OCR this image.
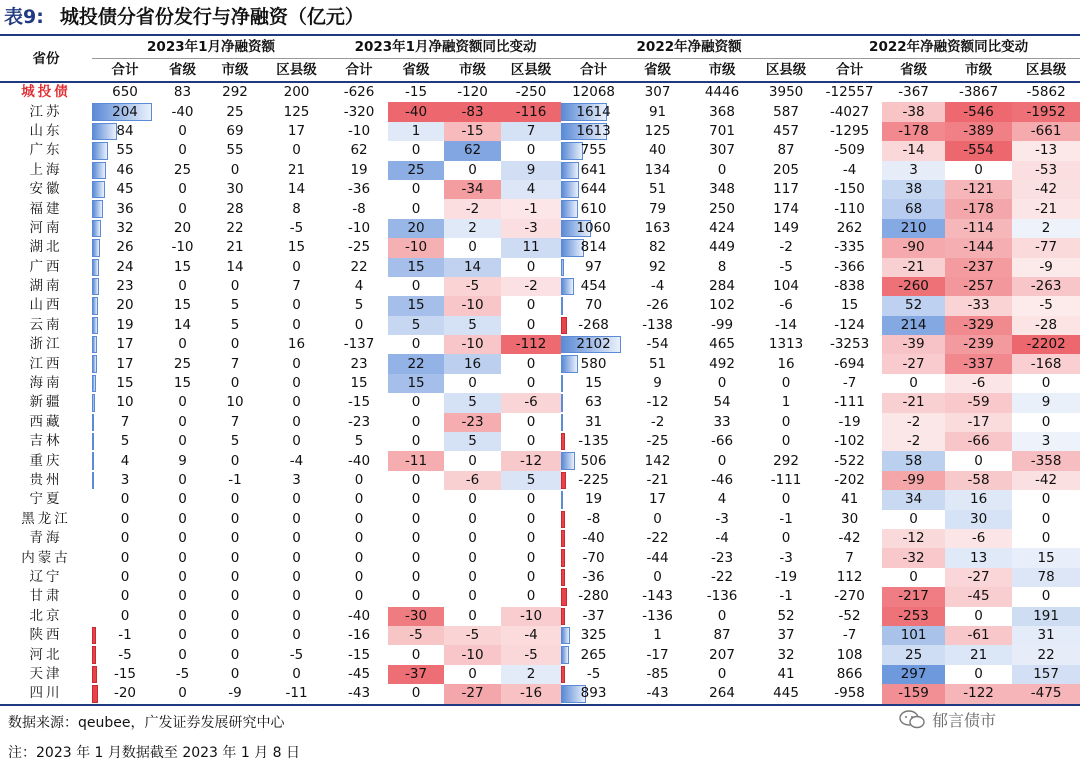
表9: 城投债分省份发行与净融资（亿元）
省份	2023年1月净融资额				2023年1月净融资额同比变动				2022年净融资额				2022年净融资额同比变动			
	合计	省级	市级	区县级	合计	省级	市级	区县级	合计	省级	市级	区县级	合计	省级	市级	区县级
城投债	650	83	292	200	-626	-15	-120	-250	12068	307	4446	3950	-12557	-367	-3867	-5862
江苏	204	-40	25	125	-320	-40	-83	-116	1614	91	368	587	-4027	-38	-546	-1952
山东	84	0	69	17	-10	1	-15	7	1613	125	701	457	-1295	-178	-389	-661
广东	55	0	55	0	62	0	62	0	755	40	307	87	-509	-14	-554	-13
上海	46	25	0	21	19	25	0	9	641	134	0	205	-4	3	0	-53
安徽	45	0	30	14	-36	0	-34	4	644	51	348	117	-150	38	-121	-42
福建	36	0	28	8	-8	0	-2	-1	610	79	250	174	-110	68	-178	-21
河南	32	20	22	-5	-10	20	2	-3	1060	163	424	149	262	210	-114	2
湖北	26	-10	21	15	-25	-10	0	11	814	82	449	-2	-335	-90	-144	-77
广西	24	15	14	0	22	15	14	0	97	92	8	-5	-366	-21	-237	-9
湖南	23	0	0	7	4	0	-5	-2	454	-4	284	104	-838	-260	-257	-263
山西	20	15	5	0	5	15	-10	0	70	-26	102	-6	15	52	-33	-5
云南	19	14	5	0	0	5	5	0	-268	-138	-99	-14	-124	214	-329	-28
浙江	17	0	0	16	-137	0	-10	-112	2102	-54	465	1313	-3253	-39	-239	-2202
江西	17	25	7	0	23	22	16	0	580	51	492	16	-694	-27	-337	-168
海南	15	15	0	0	15	15	0	0	15	9	0	0	-7	0	-6	0
新疆	10	0	10	0	-15	0	5	-6	63	-12	54	1	-111	-21	-59	9
西藏	7	0	7	0	-23	0	-23	0	31	-2	33	0	-19	-2	-17	0
吉林	5	0	5	0	5	0	5	0	-135	-25	-66	0	-102	-2	-66	3
重庆	4	9	0	-4	-40	-11	0	-12	506	142	0	292	-522	58	0	-358
贵州	3	0	-1	3	0	0	-6	5	-225	-21	-46	-111	-202	-99	-58	-42
宁夏	0	0	0	0	0	0	0	0	19	17	4	0	41	34	16	0
黑龙江	0	0	0	0	0	0	0	0	-8	0	-3	-1	30	0	30	0
青海	0	0	0	0	0	0	0	0	-40	-22	-4	0	-42	-12	-6	0
内蒙古	0	0	0	0	0	0	0	0	-70	-44	-23	-3	7	-32	13	15
辽宁	0	0	0	0	0	0	0	0	-36	0	-22	-19	112	0	-27	78
甘肃	0	0	0	0	0	0	0	0	-280	-143	-136	-1	-270	-217	-45	0
北京	0	0	0	0	-40	-30	0	-10	-37	-136	0	52	-52	-253	0	191
陕西	-1	0	0	0	-16	-5	-5	-4	325	1	87	37	-7	101	-61	31
河北	-5	0	0	-5	-15	0	-10	-5	265	-17	207	32	108	25	21	22
天津	-15	-5	0	0	-45	-37	0	2	-5	-85	0	41	866	297	0	157
四川	-20	0	-9	-11	-43	0	-27	-16	893	-43	264	445	-958	-159	-122	-475
数据来源：qeubee，广发证券发展研究中心
注：2023 年 1 月数据截至 2023 年 1 月 8 日
郁言债市
